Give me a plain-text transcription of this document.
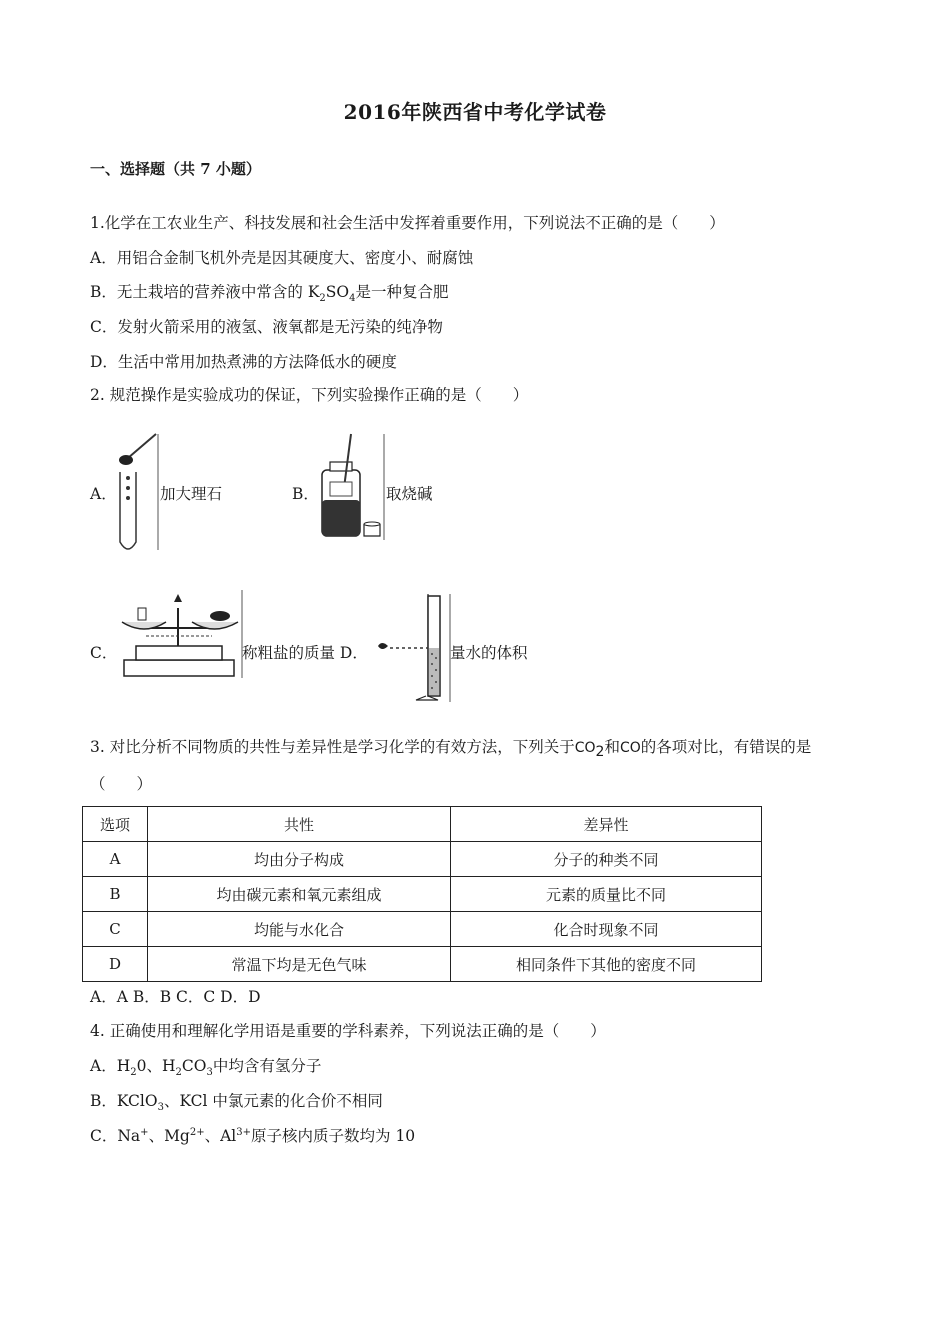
2016年陕西省中考化学试卷
一、选择题（共 7 小题）
1.化学在工农业生产、科技发展和社会生活中发挥着重要作用，下列说法不正确的是（　　）
A．用铝合金制飞机外壳是因其硬度大、密度小、耐腐蚀
B．无土栽培的营养液中常含的 $K_2SO_4$是一种复合肥
C．发射火箭采用的液氢、液氧都是无污染的纯净物
D．生活中常用加热煮沸的方法降低水的硬度
2. 规范操作是实验成功的保证，下列实验操作正确的是（　　）
A．	加大理石	B．	取烧碱
C．	称粗盐的质量 D．	量水的体积
3. 对比分析不同物质的共性与差异性是学习化学的有效方法，下列关于$CO_2$和CO的各项对比，有错误的是
（　　）
选项	共性	差异性
A	均由分子构成	分子的种类不同
B	均由碳元素和氧元素组成	元素的质量比不同
C	均能与水化合	化合时现象不同
D	常温下均是无色气味	相同条件下其他的密度不同
A．A B．B C．C D．D
4. 正确使用和理解化学用语是重要的学科素养，下列说法正确的是（　　）
A．$H_20$、$H_2CO_3$中均含有氢分子
B．KClO$_3$、KCl 中氯元素的化合价不相同
C．Na+、$Mg^{2+}$、$Al^{3+}$原子核内质子数均为 10
